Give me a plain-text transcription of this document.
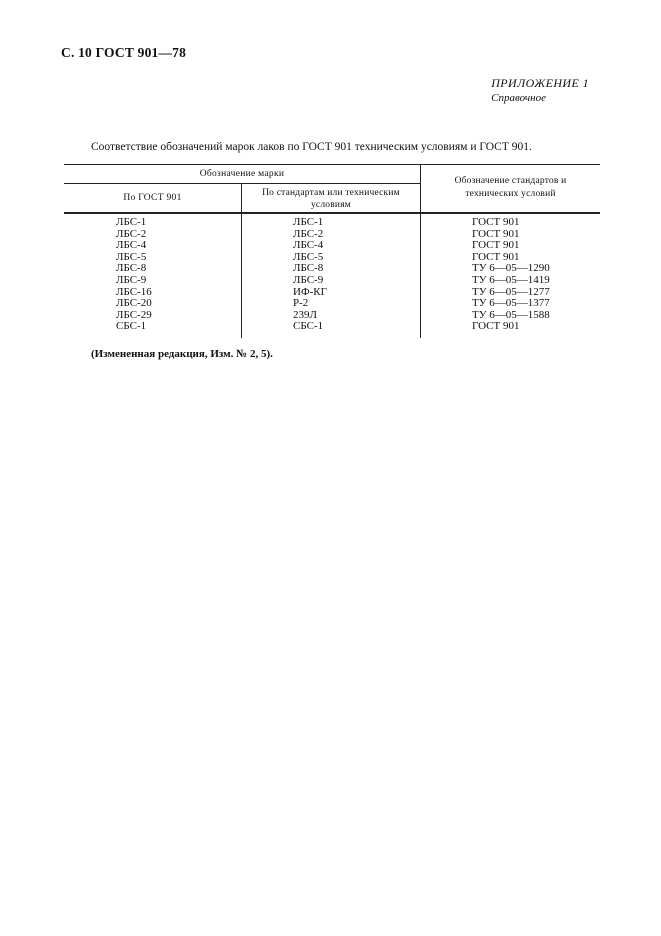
С. 10 ГОСТ 901—78
ПРИЛОЖЕНИЕ 1
Справочное
Соответствие обозначений марок лаков по ГОСТ 901 техническим условиям и ГОСТ 901.
Обозначение марки
По ГОСТ 901	По стандартам или техническим
условиям
Обозначение стандартов и
технических условий
ЛБС-1	ЛБС-1	ГОСТ 901
ЛБС-2	ЛБС-2	ГОСТ 901
ЛБС-4	ЛБС-4	ГОСТ 901
ЛБС-5	ЛБС-5	ГОСТ 901
ЛБС-8	ЛБС-8	ТУ 6—05—1290
ЛБС-9	ЛБС-9	ТУ 6—05—1419
ЛБС-16	ИФ-КГ	ТУ 6—05—1277
ЛБС-20	Р-2	ТУ 6—05—1377
ЛБС-29	239Л	ТУ 6—05—1588
СБС-1	СБС-1	ГОСТ 901
(Измененная редакция, Изм. № 2, 5).
